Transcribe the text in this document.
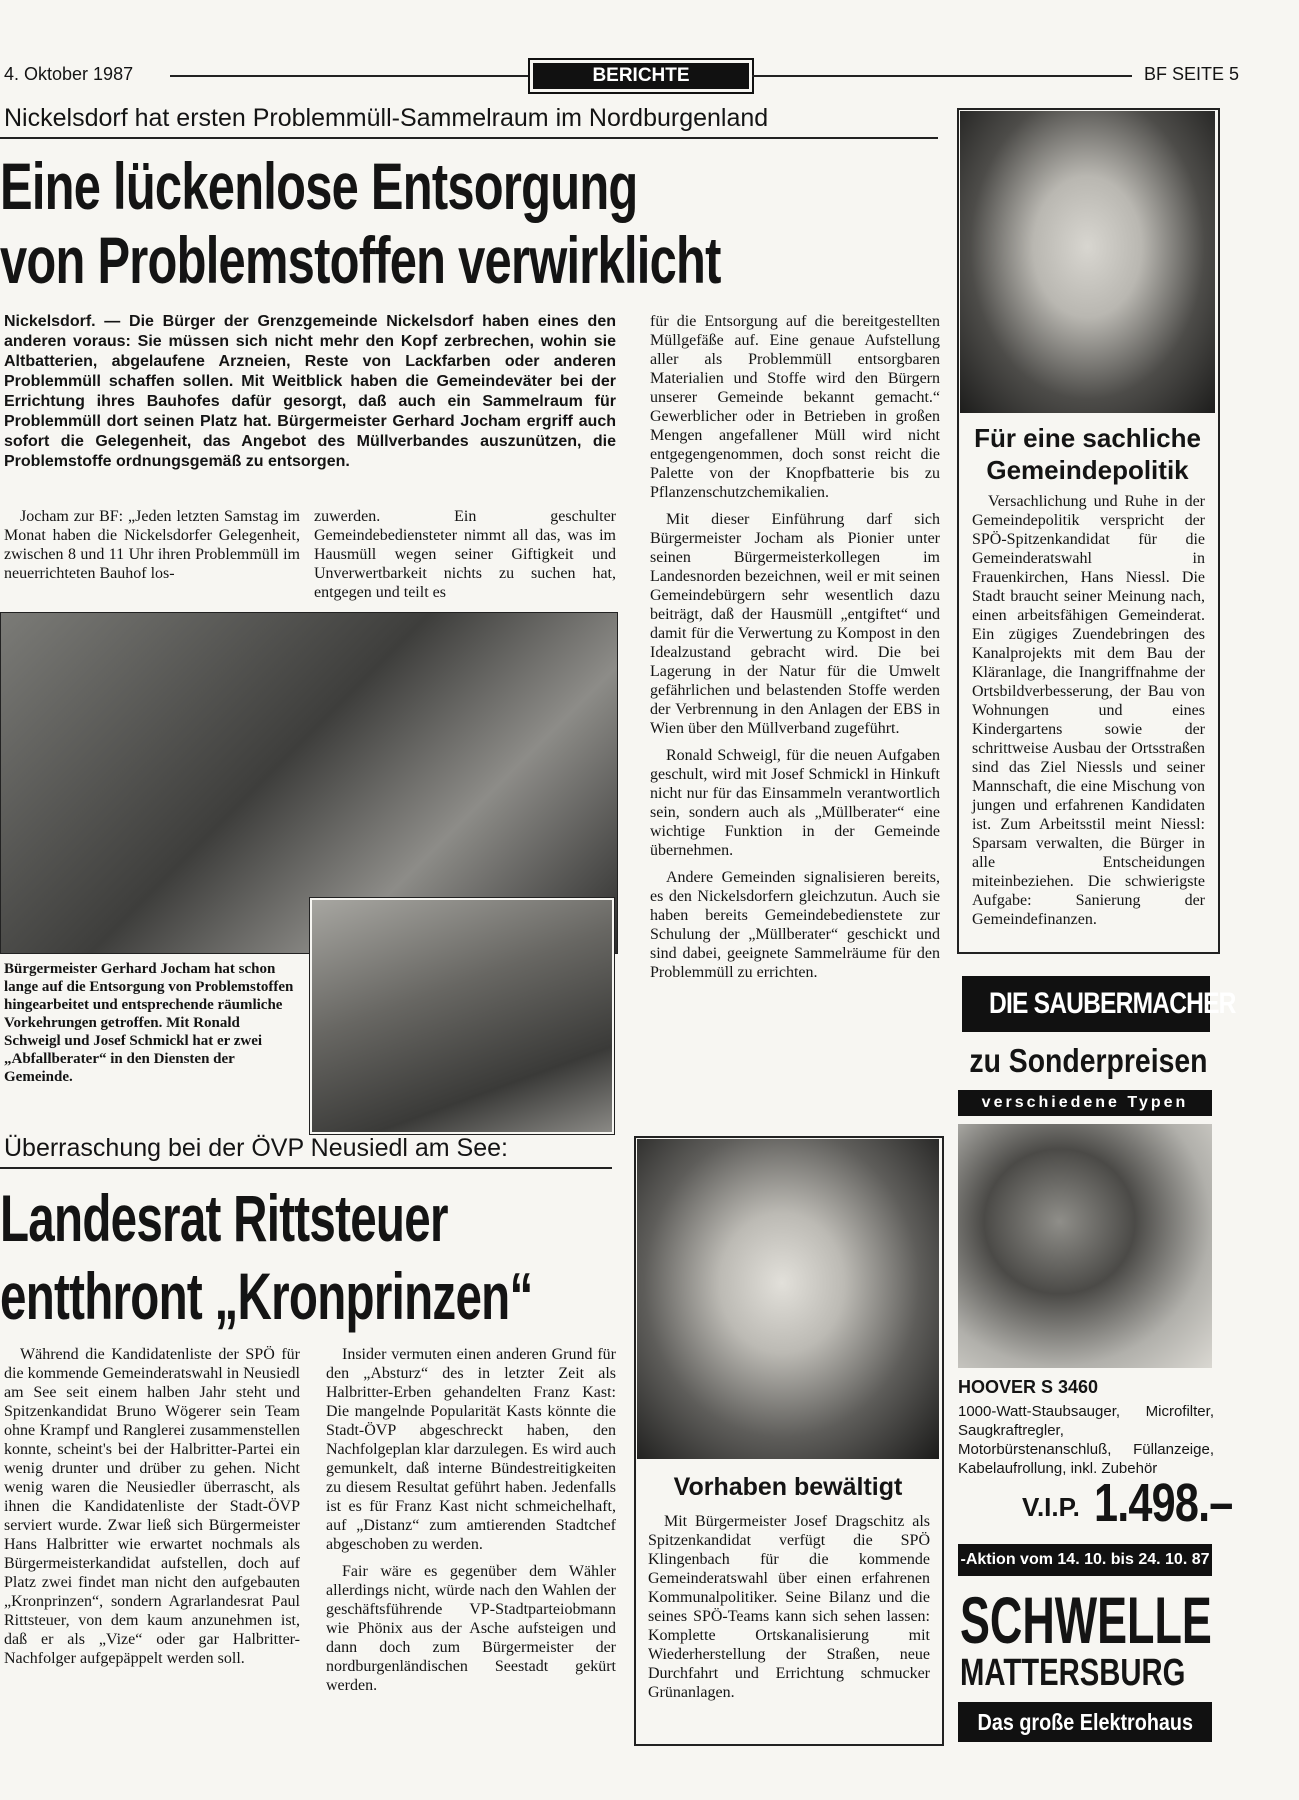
4. Oktober 1987	BERICHTE	BF SEITE 5
Nickelsdorf hat ersten Problemmüll-Sammelraum im Nordburgenland
Eine lückenlose Entsorgung
von Problemstoffen verwirklicht
Nickelsdorf. — Die Bürger der Grenzgemeinde Nickelsdorf haben eines den anderen voraus: Sie müssen sich nicht mehr den Kopf zerbrechen, wohin sie Altbatterien, abgelaufene Arzneien, Reste von Lackfarben oder anderen Problemmüll schaffen sollen. Mit Weitblick haben die Gemeindeväter bei der Errichtung ihres Bauhofes dafür gesorgt, daß auch ein Sammelraum für Problemmüll dort seinen Platz hat. Bürgermeister Gerhard Jocham ergriff auch sofort die Gelegenheit, das Angebot des Müllverbandes auszunützen, die Problemstoffe ordnungsgemäß zu entsorgen.

Jocham zur BF: „Jeden letzten Samstag im Monat haben die Nickelsdorfer Gelegenheit, zwischen 8 und 11 Uhr ihren Problemmüll im neuerrichteten Bauhof los-

zuwerden. Ein geschulter Gemeindebediensteter nimmt all das, was im Hausmüll wegen seiner Giftigkeit und Unverwertbarkeit nichts zu suchen hat, entgegen und teilt es

für die Entsorgung auf die bereitgestellten Müllgefäße auf. Eine genaue Aufstellung aller als Problemmüll entsorgbaren Materialien und Stoffe wird den Bürgern unserer Gemeinde bekannt gemacht.“ Gewerblicher oder in Betrieben in großen Mengen angefallener Müll wird nicht entgegengenommen, doch sonst reicht die Palette von der Knopfbatterie bis zu Pflanzenschutzchemikalien.

Mit dieser Einführung darf sich Bürgermeister Jocham als Pionier unter seinen Bürgermeisterkollegen im Landesnorden bezeichnen, weil er mit seinen Gemeindebürgern sehr wesentlich dazu beiträgt, daß der Hausmüll „entgiftet“ und damit für die Verwertung zu Kompost in den Idealzustand gebracht wird. Die bei Lagerung in der Natur für die Umwelt gefährlichen und belastenden Stoffe werden der Verbrennung in den Anlagen der EBS in Wien über den Müllverband zugeführt.

Ronald Schweigl, für die neuen Aufgaben geschult, wird mit Josef Schmickl in Hinkuft nicht nur für das Einsammeln verantwortlich sein, sondern auch als „Müllberater“ eine wichtige Funktion in der Gemeinde übernehmen.

Andere Gemeinden signalisieren bereits, es den Nickelsdorfern gleichzutun. Auch sie haben bereits Gemeindebedienstete zur Schulung der „Müllberater“ geschickt und sind dabei, geeignete Sammelräume für den Problemmüll zu errichten.

Bürgermeister Gerhard Jocham hat schon lange auf die Entsorgung von Problemstoffen hingearbeitet und entsprechende räumliche Vorkehrungen getroffen. Mit Ronald Schweigl und Josef Schmickl hat er zwei „Abfallberater“ in den Diensten der Gemeinde.
Für eine sachliche
Gemeindepolitik

Versachlichung und Ruhe in der Gemeindepolitik verspricht der SPÖ-Spitzenkandidat für die Gemeinderatswahl in Frauenkirchen, Hans Niessl. Die Stadt braucht seiner Meinung nach, einen arbeitsfähigen Gemeinderat. Ein zügiges Zuendebringen des Kanalprojekts mit dem Bau der Kläranlage, die Inangriffnahme der Ortsbildverbesserung, der Bau von Wohnungen und eines Kindergartens sowie der schrittweise Ausbau der Ortsstraßen sind das Ziel Niessls und seiner Mannschaft, die eine Mischung von jungen und erfahrenen Kandidaten ist. Zum Arbeitsstil meint Niessl: Sparsam verwalten, die Bürger in alle Entscheidungen miteinbeziehen. Die schwierigste Aufgabe: Sanierung der Gemeindefinanzen.

Überraschung bei der ÖVP Neusiedl am See:
Landesrat Rittsteuer
entthront „Kronprinzen“

Während die Kandidatenliste der SPÖ für die kommende Gemeinderatswahl in Neusiedl am See seit einem halben Jahr steht und Spitzenkandidat Bruno Wögerer sein Team ohne Krampf und Ranglerei zusammenstellen konnte, scheint's bei der Halbritter-Partei ein wenig drunter und drüber zu gehen. Nicht wenig waren die Neusiedler überrascht, als ihnen die Kandidatenliste der Stadt-ÖVP serviert wurde. Zwar ließ sich Bürgermeister Hans Halbritter wie erwartet nochmals als Bürgermeisterkandidat aufstellen, doch auf Platz zwei findet man nicht den aufgebauten „Kronprinzen“, sondern Agrarlandesrat Paul Rittsteuer, von dem kaum anzunehmen ist, daß er als „Vize“ oder gar Halbritter-Nachfolger aufgepäppelt werden soll.

Insider vermuten einen anderen Grund für den „Absturz“ des in letzter Zeit als Halbritter-Erben gehandelten Franz Kast: Die mangelnde Popularität Kasts könnte die Stadt-ÖVP abgeschreckt haben, den Nachfolgeplan klar darzulegen. Es wird auch gemunkelt, daß interne Bündestreitigkeiten zu diesem Resultat geführt haben. Jedenfalls ist es für Franz Kast nicht schmeichelhaft, auf „Distanz“ zum amtierenden Stadtchef abgeschoben zu werden.

Fair wäre es gegenüber dem Wähler allerdings nicht, würde nach den Wahlen der geschäftsführende VP-Stadtparteiobmann wie Phönix aus der Asche aufsteigen und dann doch zum Bürgermeister der nordburgenländischen Seestadt gekürt werden.

Vorhaben bewältigt

Mit Bürgermeister Josef Dragschitz als Spitzenkandidat verfügt die SPÖ Klingenbach für die kommende Gemeinderatswahl über einen erfahrenen Kommunalpolitiker. Seine Bilanz und die seines SPÖ-Teams kann sich sehen lassen: Komplette Ortskanalisierung mit Wiederherstellung der Straßen, neue Durchfahrt und Errichtung schmucker Grünanlagen.

DIE SAUBERMACHER
zu Sonderpreisen
verschiedene Typen
HOOVER S 3460
1000-Watt-Staubsauger, Microfilter, Saugkraftregler, Motorbürstenanschluß, Füllanzeige, Kabelaufrollung, inkl. Zubehör
V.I.P. 1.498.–
-Aktion vom 14. 10. bis 24. 10. 87
SCHWELLE
MATTERSBURG
Das große Elektrohaus
